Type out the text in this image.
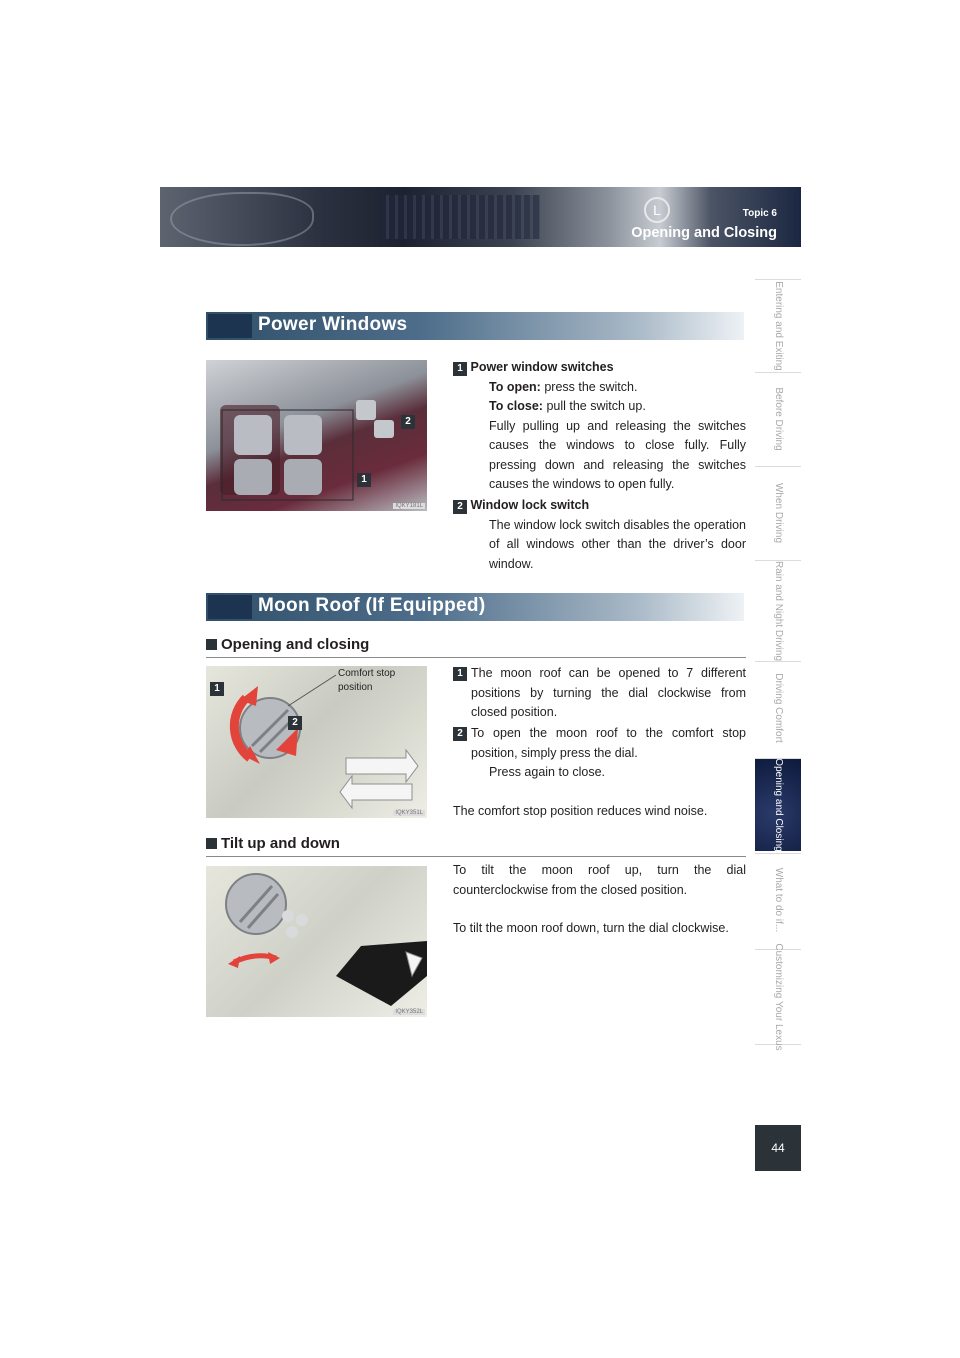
L	Topic 6
Opening and Closing
Entering and Exiting
Before Driving
When Driving
Rain and Night Driving
Driving Comfort
Opening and Closing
What to do if...
Customizing Your Lexus
44
Power Windows
2
1
IQKY181L
1 Power window switches
To open: press the switch.
To close: pull the switch up.
Fully pulling up and releasing the switches causes the windows to close fully. Fully pressing down and releasing the switches causes the windows to open fully.
2 Window lock switch
The window lock switch disables the operation of all windows other than the driver’s door window.
Moon Roof (If Equipped)
Opening and closing
Comfort stop position
1
2
IQKY351L
1 The moon roof can be opened to 7 different positions by turning the dial clockwise from closed position.
2 To open the moon roof to the comfort stop position, simply press the dial.
Press again to close.
The comfort stop position reduces wind noise.
Tilt up and down
IQKY352L
To tilt the moon roof up, turn the dial counterclockwise from the closed position.
To tilt the moon roof down, turn the dial clockwise.
